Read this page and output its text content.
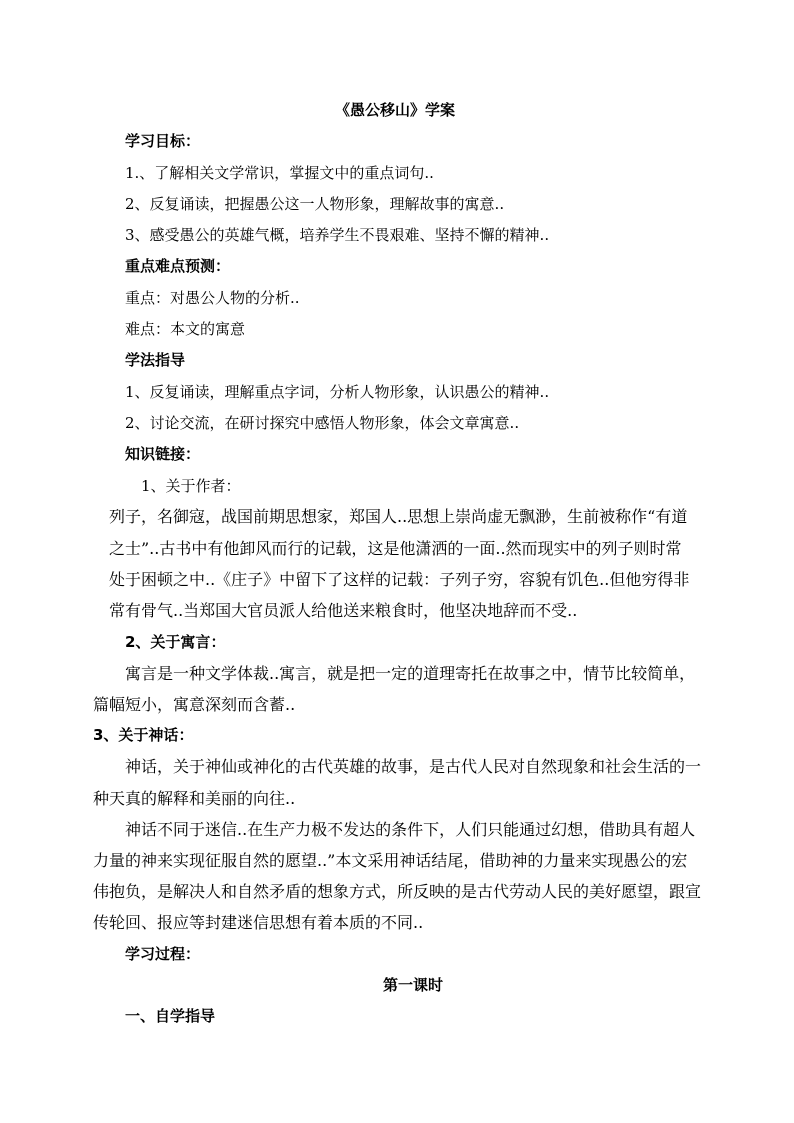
《愚公移山》学案
学习目标：
1.、了解相关文学常识，掌握文中的重点词句..
2、反复诵读，把握愚公这一人物形象，理解故事的寓意..
3、感受愚公的英雄气概，培养学生不畏艰难、坚持不懈的精神..
重点难点预测：
重点：对愚公人物的分析..
难点：本文的寓意
学法指导
1、反复诵读，理解重点字词，分析人物形象，认识愚公的精神..
2、讨论交流，在研讨探究中感悟人物形象，体会文章寓意..
知识链接：
1、关于作者：
列子，名御寇，战国前期思想家，郑国人..思想上崇尚虚无飘渺，生前被称作“有道
之士”..古书中有他卸风而行的记载，这是他潇洒的一面..然而现实中的列子则时常
处于困顿之中..《庄子》中留下了这样的记载：子列子穷，容貌有饥色..但他穷得非
常有骨气..当郑国大官员派人给他送来粮食时，他坚决地辞而不受..
2、关于寓言：
寓言是一种文学体裁..寓言，就是把一定的道理寄托在故事之中，情节比较简单，
篇幅短小，寓意深刻而含蓄..
3、关于神话：
神话，关于神仙或神化的古代英雄的故事，是古代人民对自然现象和社会生活的一
种天真的解释和美丽的向往..
神话不同于迷信..在生产力极不发达的条件下，人们只能通过幻想，借助具有超人
力量的神来实现征服自然的愿望..”本文采用神话结尾，借助神的力量来实现愚公的宏
伟抱负，是解决人和自然矛盾的想象方式，所反映的是古代劳动人民的美好愿望，跟宣
传轮回、报应等封建迷信思想有着本质的不同..
学习过程：
第一课时
一、自学指导
